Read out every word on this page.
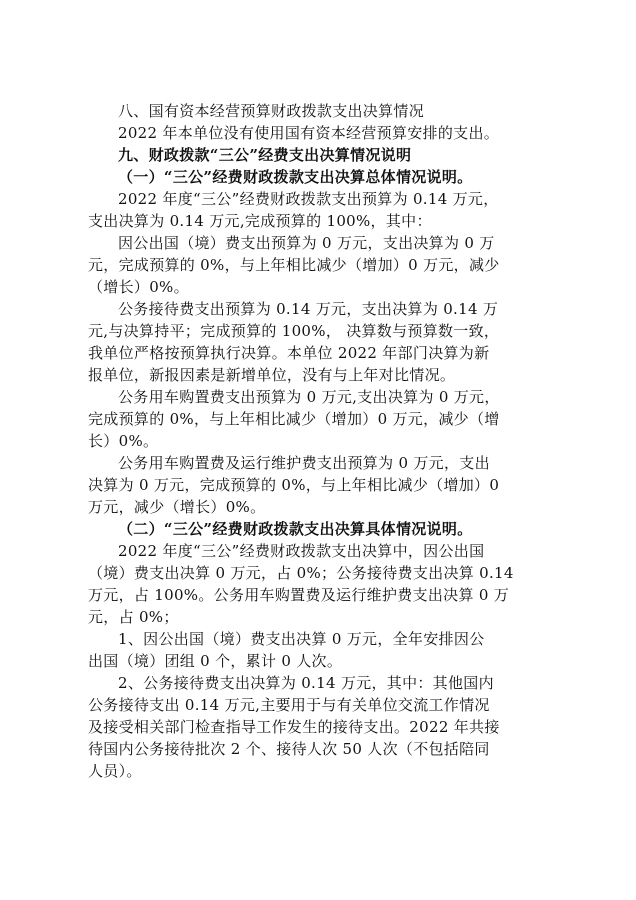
八、国有资本经营预算财政拨款支出决算情况
2022 年本单位没有使用国有资本经营预算安排的支出。
九、财政拨款“三公”经费支出决算情况说明
（一）“三公”经费财政拨款支出决算总体情况说明。
2022 年度“三公”经费财政拨款支出预算为 0.14 万元，
支出决算为 0.14 万元,完成预算的 100%，其中：
因公出国（境）费支出预算为 0 万元，支出决算为 0 万
元，完成预算的 0%，与上年相比减少（增加）0 万元，减少
（增长）0%。
公务接待费支出预算为 0.14 万元，支出决算为 0.14 万
元,与决算持平；完成预算的 100%， 决算数与预算数一致，
我单位严格按预算执行决算。本单位 2022 年部门决算为新
报单位，新报因素是新增单位，没有与上年对比情况。
公务用车购置费支出预算为 0 万元,支出决算为 0 万元，
完成预算的 0%，与上年相比减少（增加）0 万元，减少（增
长）0%。
公务用车购置费及运行维护费支出预算为 0 万元，支出
决算为 0 万元，完成预算的 0%，与上年相比减少（增加）0
万元，减少（增长）0%。
（二）“三公”经费财政拨款支出决算具体情况说明。
2022 年度“三公”经费财政拨款支出决算中，因公出国
（境）费支出决算 0 万元，占 0%；公务接待费支出决算 0.14
万元，占 100%。公务用车购置费及运行维护费支出决算 0 万
元，占 0%；
1、因公出国（境）费支出决算 0 万元，全年安排因公
出国（境）团组 0 个，累计 0 人次。
2、公务接待费支出决算为 0.14 万元，其中：其他国内
公务接待支出 0.14 万元,主要用于与有关单位交流工作情况
及接受相关部门检查指导工作发生的接待支出。2022 年共接
待国内公务接待批次 2 个、接待人次 50 人次（不包括陪同
人员）。
